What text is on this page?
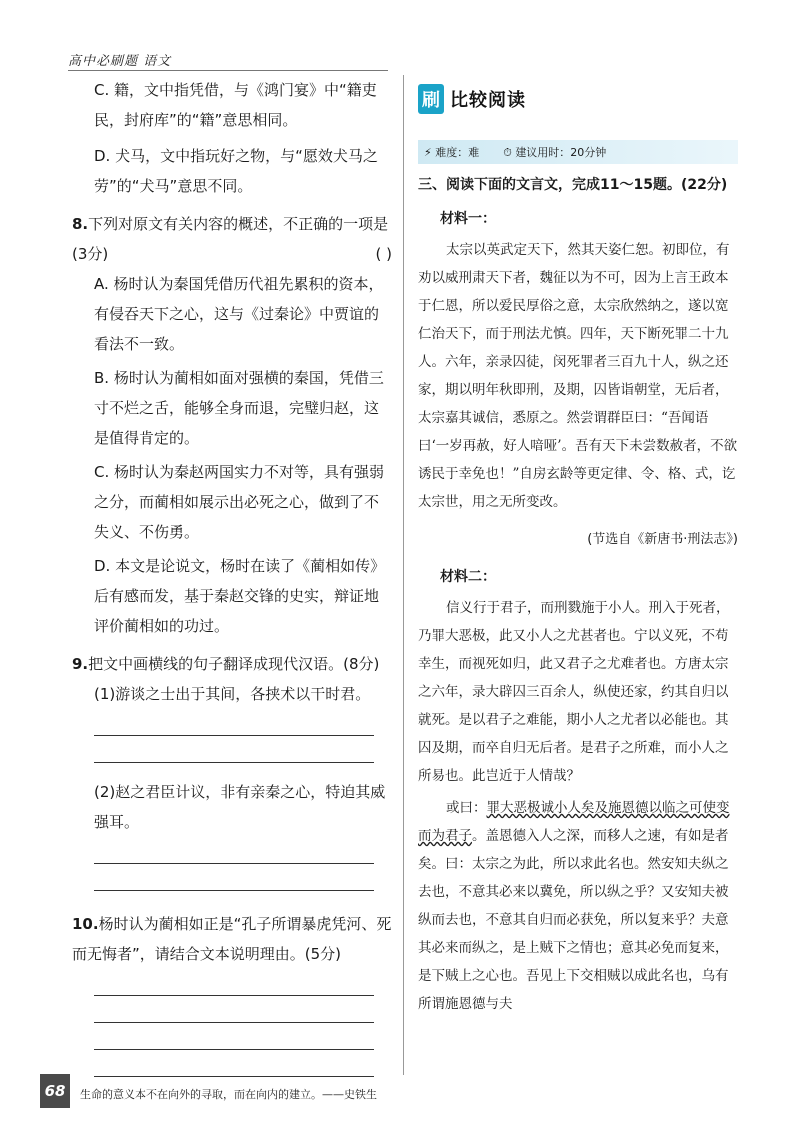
高中必刷题 语文

C. 籍，文中指凭借，与《鸿门宴》中“籍吏民，封府库”的“籍”意思相同。

D. 犬马，文中指玩好之物，与“愿效犬马之劳”的“犬马”意思不同。

8.下列对原文有关内容的概述，不正确的一项是

(3分)	( )

A. 杨时认为秦国凭借历代祖先累积的资本，有侵吞天下之心，这与《过秦论》中贾谊的看法不一致。

B. 杨时认为蔺相如面对强横的秦国，凭借三寸不烂之舌，能够全身而退，完璧归赵，这是值得肯定的。

C. 杨时认为秦赵两国实力不对等，具有强弱之分，而蔺相如展示出必死之心，做到了不失义、不伤勇。

D. 本文是论说文，杨时在读了《蔺相如传》后有感而发，基于秦赵交锋的史实，辩证地评价蔺相如的功过。

9.把文中画横线的句子翻译成现代汉语。(8分)

(1)游谈之士出于其间，各挟术以干时君。

(2)赵之君臣计议，非有亲秦之心，特迫其威强耳。

10.杨时认为蔺相如正是“孔子所谓暴虎凭河、死而无悔者”，请结合文本说明理由。(5分)

刷 比较阅读
⚡ 难度：难	⏱ 建议用时：20分钟
三、阅读下面的文言文，完成11～15题。(22分)
材料一：

太宗以英武定天下，然其天姿仁恕。初即位，有劝以威刑肃天下者，魏征以为不可，因为上言王政本于仁恩，所以爱民厚俗之意，太宗欣然纳之，遂以宽仁治天下，而于刑法尤慎。四年，天下断死罪二十九人。六年，亲录囚徒，闵死罪者三百九十人，纵之还家，期以明年秋即刑，及期，囚皆诣朝堂，无后者，太宗嘉其诚信，悉原之。然尝谓群臣曰：“吾闻语曰‘一岁再赦，好人喑哑’。吾有天下未尝数赦者，不欲诱民于幸免也！”自房玄龄等更定律、令、格、式，讫太宗世，用之无所变改。

(节选自《新唐书·刑法志》)
材料二：

信义行于君子，而刑戮施于小人。刑入于死者，乃罪大恶极，此又小人之尤甚者也。宁以义死，不苟幸生，而视死如归，此又君子之尤难者也。方唐太宗之六年，录大辟囚三百余人，纵使还家，约其自归以就死。是以君子之难能，期小人之尤者以必能也。其囚及期，而卒自归无后者。是君子之所难，而小人之所易也。此岂近于人情哉？

或曰：罪大恶极诚小人矣及施恩德以临之可使变而为君子。盖恩德入人之深，而移人之速，有如是者矣。曰：太宗之为此，所以求此名也。然安知夫纵之去也，不意其必来以冀免，所以纵之乎？又安知夫被纵而去也，不意其自归而必获免，所以复来乎？夫意其必来而纵之，是上贼下之情也；意其必免而复来，是下贼上之心也。吾见上下交相贼以成此名也，乌有所谓施恩德与夫

68	生命的意义本不在向外的寻取，而在向内的建立。——史铁生
